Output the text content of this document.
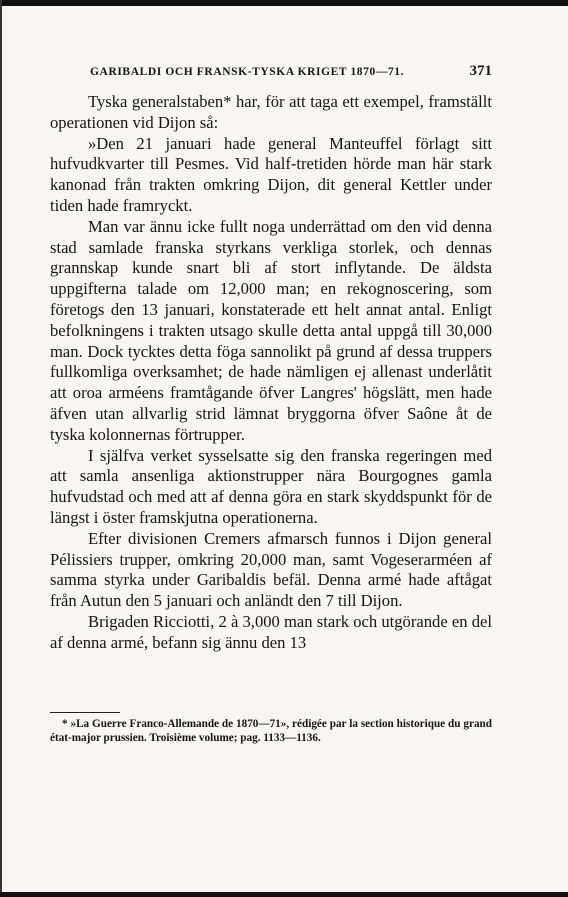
GARIBALDI OCH FRANSK-TYSKA KRIGET 1870—71.	371

Tyska generalstaben* har, för att taga ett exempel, framställt operationen vid Dijon så:

»Den 21 januari hade general Manteuffel förlagt sitt hufvudkvarter till Pesmes. Vid half-tretiden hörde man här stark kanonad från trakten omkring Dijon, dit general Kettler under tiden hade framryckt.

Man var ännu icke fullt noga underrättad om den vid denna stad samlade franska styrkans verkliga storlek, och dennas grannskap kunde snart bli af stort inflytande. De äldsta uppgifterna talade om 12,000 man; en rekognoscering, som företogs den 13 januari, konstaterade ett helt annat antal. Enligt befolkningens i trakten utsago skulle detta antal uppgå till 30,000 man. Dock tycktes detta föga sannolikt på grund af dessa truppers fullkomliga overksamhet; de hade nämligen ej allenast underlåtit att oroa arméens framtågande öfver Langres' högslätt, men hade äfven utan allvarlig strid lämnat bryggorna öfver Saône åt de tyska kolonnernas förtrupper.

I själfva verket sysselsatte sig den franska regeringen med att samla ansenliga aktionstrupper nära Bourgognes gamla hufvudstad och med att af denna göra en stark skyddspunkt för de längst i öster framskjutna operationerna.

Efter divisionen Cremers afmarsch funnos i Dijon general Pélissiers trupper, omkring 20,000 man, samt Vogeserarméen af samma styrka under Garibaldis befäl. Denna armé hade aftågat från Autun den 5 januari och anländt den 7 till Dijon.

Brigaden Ricciotti, 2 à 3,000 man stark och utgörande en del af denna armé, befann sig ännu den 13

* »La Guerre Franco-Allemande de 1870—71», rédigée par la section historique du grand état-major prussien. Troisième volume; pag. 1133—1136.
